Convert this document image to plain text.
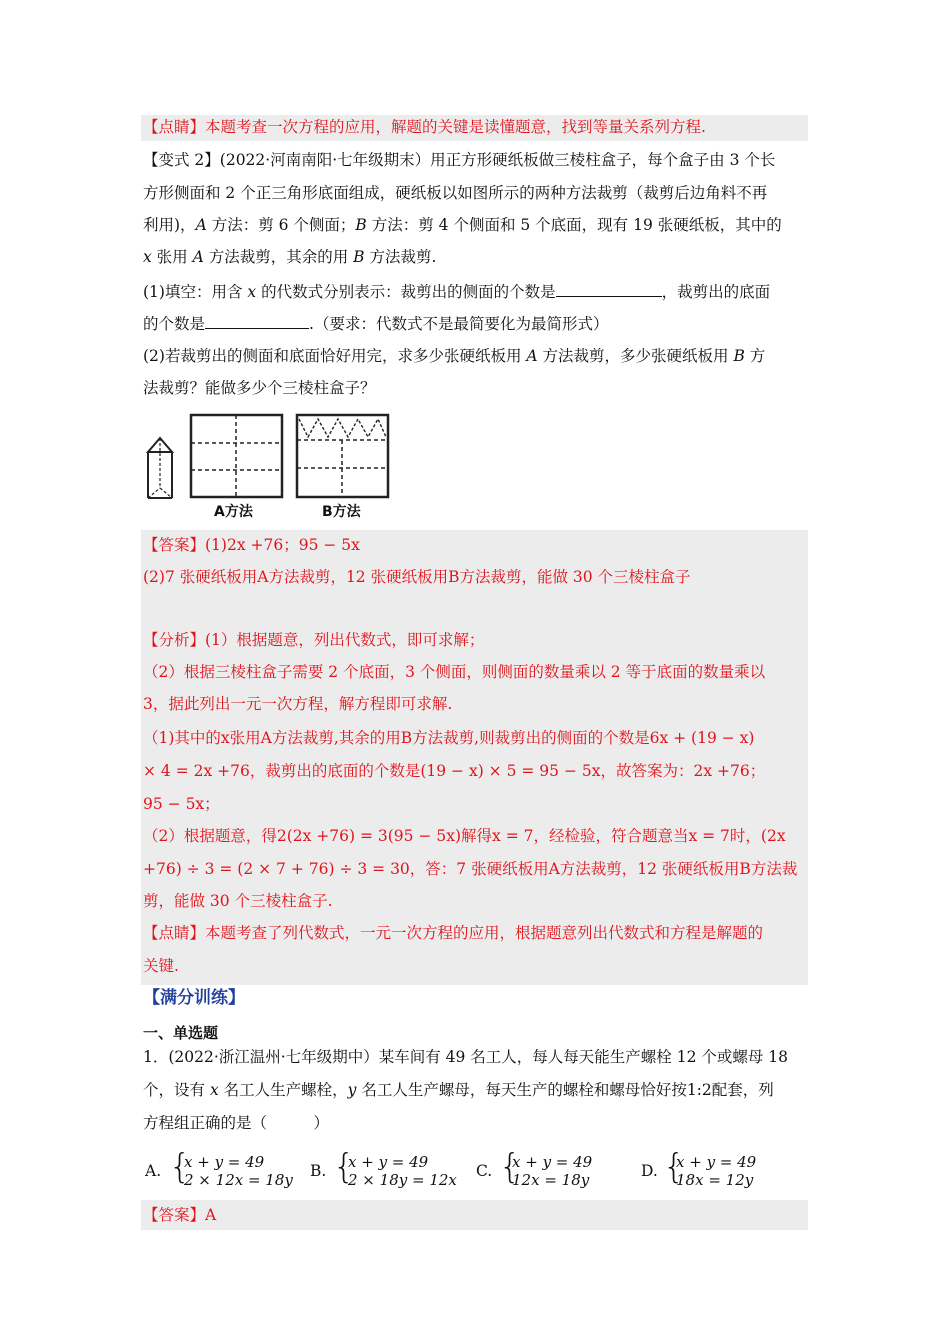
【点睛】本题考查一次方程的应用，解题的关键是读懂题意，找到等量关系列方程.
【变式 2】(2022·河南南阳·七年级期末）用正方形硬纸板做三棱柱盒子，每个盒子由 3 个长
方形侧面和 2 个正三角形底面组成，硬纸板以如图所示的两种方法裁剪（裁剪后边角料不再
利用)，A 方法：剪 6 个侧面；B 方法：剪 4 个侧面和 5 个底面，现有 19 张硬纸板，其中的
x 张用 A 方法裁剪，其余的用 B 方法裁剪.
(1)填空：用含 x 的代数式分别表示：裁剪出的侧面的个数是	，裁剪出的底面
的个数是	.（要求：代数式不是最简要化为最简形式）
(2)若裁剪出的侧面和底面恰好用完，求多少张硬纸板用 A 方法裁剪，多少张硬纸板用 B 方
法裁剪？能做多少个三棱柱盒子？
A方法	B方法
【答案】(1)2x +76；95 − 5x
(2)7 张硬纸板用A方法裁剪，12 张硬纸板用B方法裁剪，能做 30 个三棱柱盒子
【分析】(1）根据题意，列出代数式，即可求解；
（2）根据三棱柱盒子需要 2 个底面，3 个侧面，则侧面的数量乘以 2 等于底面的数量乘以
3，据此列出一元一次方程，解方程即可求解.
（1)其中的x张用A方法裁剪,其余的用B方法裁剪,则裁剪出的侧面的个数是6x + (19 − x)
× 4 = 2x +76，裁剪出的底面的个数是(19 − x) × 5 = 95 − 5x，故答案为：2x +76；
95 − 5x；
（2）根据题意，得2(2x +76) = 3(95 − 5x)解得x = 7，经检验，符合题意当x = 7时，(2x
+76) ÷ 3 = (2 × 7 + 76) ÷ 3 = 30，答：7 张硬纸板用A方法裁剪，12 张硬纸板用B方法裁
剪，能做 30 个三棱柱盒子.
【点睛】本题考查了列代数式，一元一次方程的应用，根据题意列出代数式和方程是解题的
关键.
【满分训练】
一、单选题
1．(2022·浙江温州·七年级期中）某车间有 49 名工人，每人每天能生产螺栓 12 个或螺母 18
个，设有 x 名工人生产螺栓，y 名工人生产螺母，每天生产的螺栓和螺母恰好按1:2配套，列
方程组正确的是（　　　）
A. {
x + y = 49
2 × 12x = 18y B. {
x + y = 49
2 × 18y = 12x C. {
x + y = 49
12x = 18y	D. {
x + y = 49
18x = 12y
【答案】A
